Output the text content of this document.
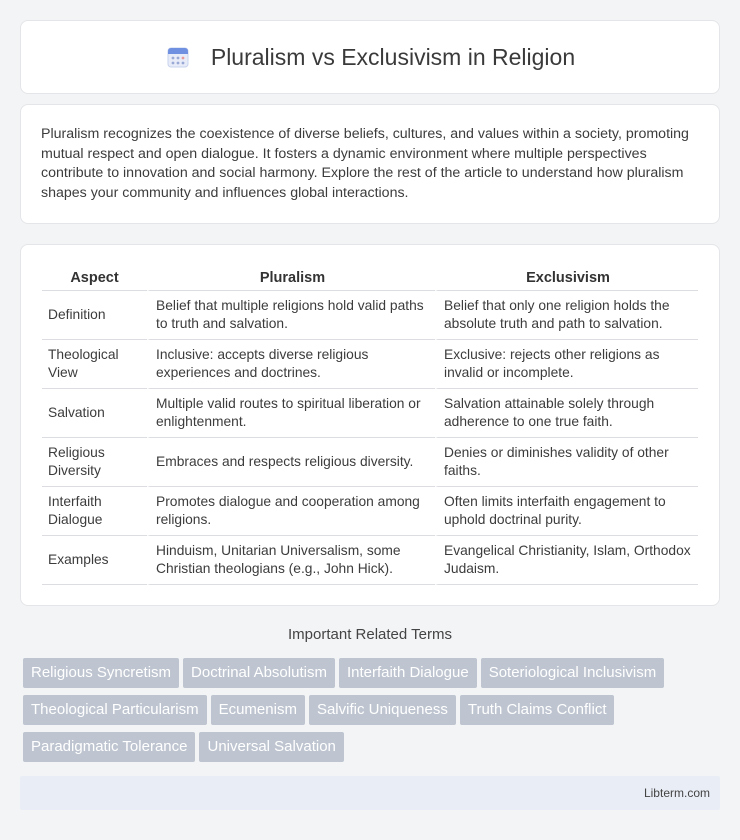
Pluralism vs Exclusivism in Religion

Pluralism recognizes the coexistence of diverse beliefs, cultures, and values within a society, promoting mutual respect and open dialogue. It fosters a dynamic environment where multiple perspectives contribute to innovation and social harmony. Explore the rest of the article to understand how pluralism shapes your community and influences global interactions.

Aspect	Pluralism	Exclusivism
Definition	Belief that multiple religions hold valid paths to truth and salvation.	Belief that only one religion holds the absolute truth and path to salvation.
Theological View	Inclusive: accepts diverse religious experiences and doctrines.	Exclusive: rejects other religions as invalid or incomplete.
Salvation	Multiple valid routes to spiritual liberation or enlightenment.	Salvation attainable solely through adherence to one true faith.
Religious Diversity	Embraces and respects religious diversity.	Denies or diminishes validity of other faiths.
Interfaith Dialogue	Promotes dialogue and cooperation among religions.	Often limits interfaith engagement to uphold doctrinal purity.
Examples	Hinduism, Unitarian Universalism, some Christian theologians (e.g., John Hick).	Evangelical Christianity, Islam, Orthodox Judaism.
Important Related Terms
Religious Syncretism Doctrinal Absolutism Interfaith Dialogue Soteriological Inclusivism
Theological Particularism Ecumenism Salvific Uniqueness Truth Claims Conflict
Paradigmatic Tolerance Universal Salvation
Libterm.com
